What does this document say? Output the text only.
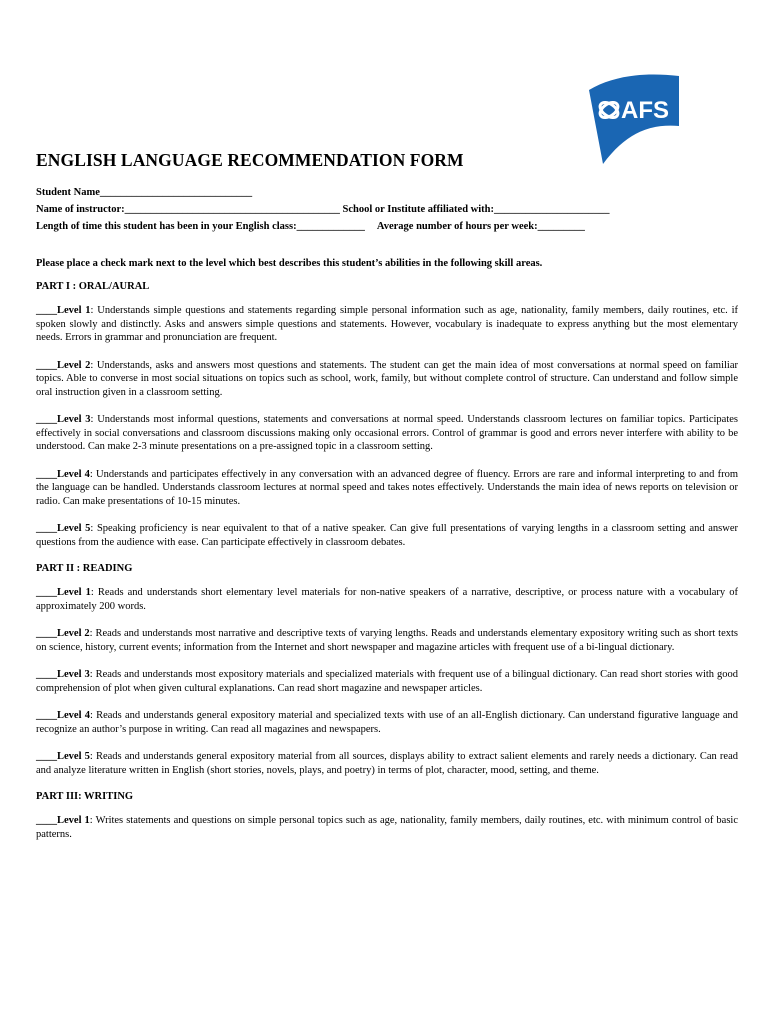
AFS
ENGLISH LANGUAGE RECOMMENDATION FORM
Student Name_____________________________
Name of instructor:_________________________________________ School or Institute affiliated with:______________________
Length of time this student has been in your English class:_____________ Average number of hours per week:_________

Please place a check mark next to the level which best describes this student’s abilities in the following skill areas.

PART I : ORAL/AURAL

____Level 1: Understands simple questions and statements regarding simple personal information such as age, nationality, family members, daily routines, etc. if spoken slowly and distinctly. Asks and answers simple questions and statements. However, vocabulary is inadequate to express anything but the most elementary needs. Errors in grammar and pronunciation are frequent.

____Level 2: Understands, asks and answers most questions and statements. The student can get the main idea of most conversations at normal speed on familiar topics. Able to converse in most social situations on topics such as school, work, family, but without complete control of structure. Can understand and follow simple oral instruction given in a classroom setting.

____Level 3: Understands most informal questions, statements and conversations at normal speed. Understands classroom lectures on familiar topics. Participates effectively in social conversations and classroom discussions making only occasional errors. Control of grammar is good and errors never interfere with ability to be understood. Can make 2-3 minute presentations on a pre-assigned topic in a classroom setting.

____Level 4: Understands and participates effectively in any conversation with an advanced degree of fluency. Errors are rare and informal interpreting to and from the language can be handled. Understands classroom lectures at normal speed and takes notes effectively. Understands the main idea of news reports on television or radio. Can make presentations of 10-15 minutes.

____Level 5: Speaking proficiency is near equivalent to that of a native speaker. Can give full presentations of varying lengths in a classroom setting and answer questions from the audience with ease. Can participate effectively in classroom debates.

PART II : READING

____Level 1: Reads and understands short elementary level materials for non-native speakers of a narrative, descriptive, or process nature with a vocabulary of approximately 200 words.

____Level 2: Reads and understands most narrative and descriptive texts of varying lengths. Reads and understands elementary expository writing such as short texts on science, history, current events; information from the Internet and short newspaper and magazine articles with frequent use of a bi-lingual dictionary.

____Level 3: Reads and understands most expository materials and specialized materials with frequent use of a bilingual dictionary. Can read short stories with good comprehension of plot when given cultural explanations. Can read short magazine and newspaper articles.

____Level 4: Reads and understands general expository material and specialized texts with use of an all-English dictionary. Can understand figurative language and recognize an author’s purpose in writing. Can read all magazines and newspapers.

____Level 5: Reads and understands general expository material from all sources, displays ability to extract salient elements and rarely needs a dictionary. Can read and analyze literature written in English (short stories, novels, plays, and poetry) in terms of plot, character, mood, setting, and theme.

PART III: WRITING

____Level 1: Writes statements and questions on simple personal topics such as age, nationality, family members, daily routines, etc. with minimum control of basic patterns.
